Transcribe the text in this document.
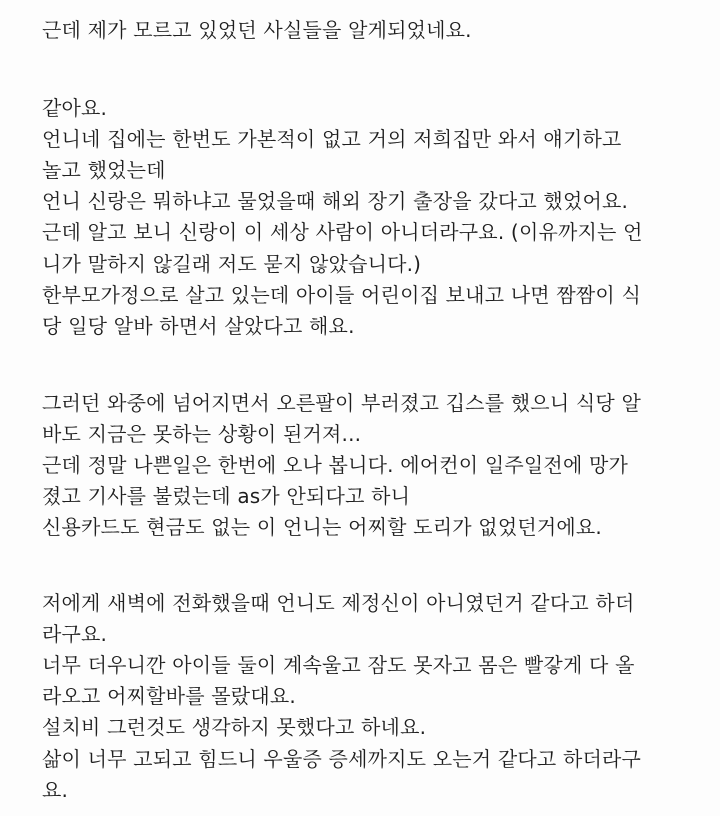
근데 제가 모르고 있었던 사실들을 알게되었네요.
같아요.
언니네 집에는 한번도 가본적이 없고 거의 저희집만 와서 얘기하고
놀고 했었는데
언니 신랑은 뭐하냐고 물었을때 해외 장기 출장을 갔다고 했었어요.
근데 알고 보니 신랑이 이 세상 사람이 아니더라구요. (이유까지는 언
니가 말하지 않길래 저도 묻지 않았습니다.)
한부모가정으로 살고 있는데 아이들 어린이집 보내고 나면 짬짬이 식
당 일당 알바 하면서 살았다고 해요.
그러던 와중에 넘어지면서 오른팔이 부러졌고 깁스를 했으니 식당 알
바도 지금은 못하는 상황이 된거져...
근데 정말 나쁜일은 한번에 오나 봅니다. 에어컨이 일주일전에 망가
졌고 기사를 불렀는데 as가 안되다고 하니
신용카드도 현금도 없는 이 언니는 어찌할 도리가 없었던거에요.
저에게 새벽에 전화했을때 언니도 제정신이 아니였던거 같다고 하더
라구요.
너무 더우니깐 아이들 둘이 계속울고 잠도 못자고 몸은 빨갛게 다 올
라오고 어찌할바를 몰랐대요.
설치비 그런것도 생각하지 못했다고 하네요.
삶이 너무 고되고 힘드니 우울증 증세까지도 오는거 같다고 하더라구
요.
